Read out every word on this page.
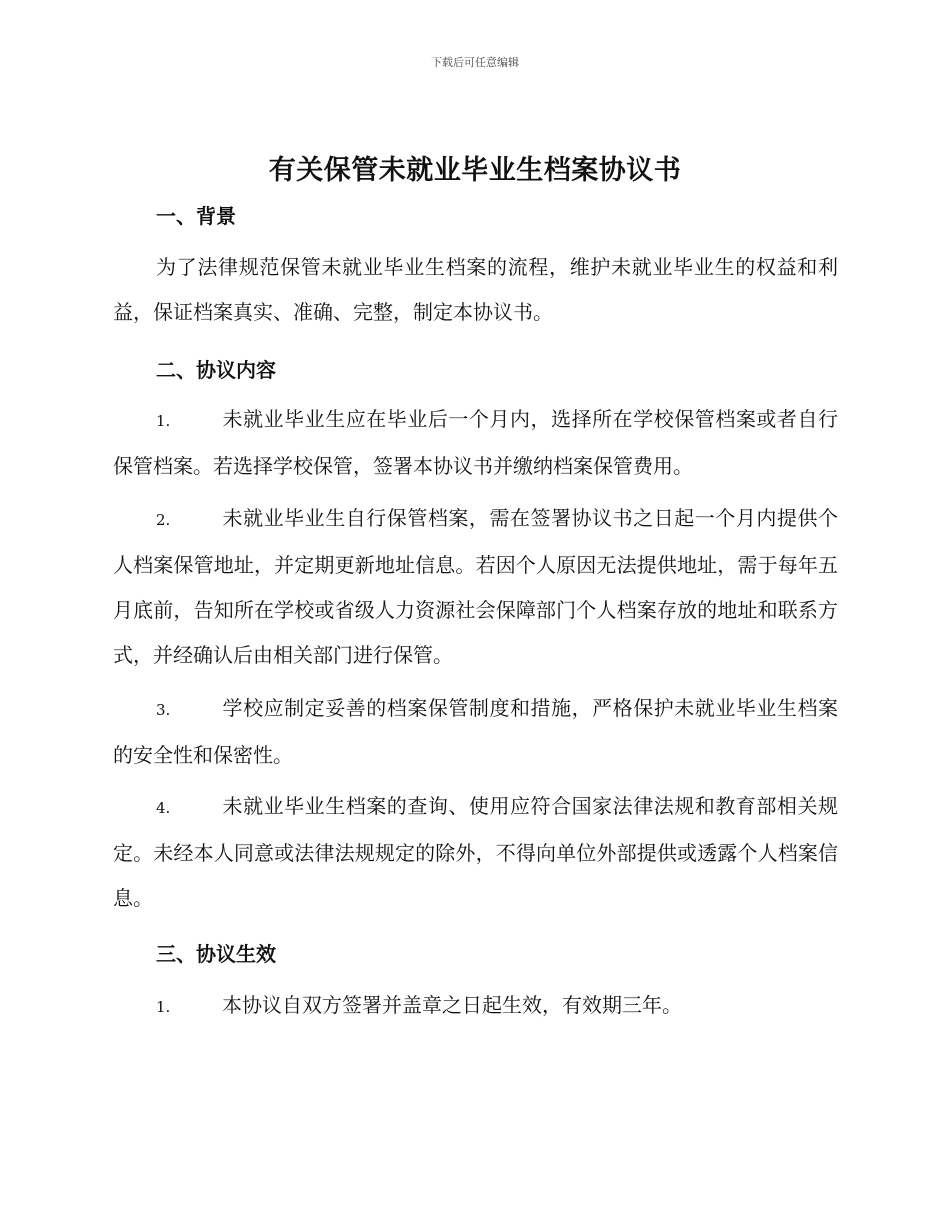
下载后可任意编辑
有关保管未就业毕业生档案协议书
一、背景
为了法律规范保管未就业毕业生档案的流程，维护未就业毕业生的权益和利益，保证档案真实、准确、完整，制定本协议书。
二、协议内容
1.	未就业毕业生应在毕业后一个月内，选择所在学校保管档案或者自行保管档案。若选择学校保管，签署本协议书并缴纳档案保管费用。
2.	未就业毕业生自行保管档案，需在签署协议书之日起一个月内提供个人档案保管地址，并定期更新地址信息。若因个人原因无法提供地址，需于每年五月底前，告知所在学校或省级人力资源社会保障部门个人档案存放的地址和联系方式，并经确认后由相关部门进行保管。
3.	学校应制定妥善的档案保管制度和措施，严格保护未就业毕业生档案的安全性和保密性。
4.	未就业毕业生档案的查询、使用应符合国家法律法规和教育部相关规定。未经本人同意或法律法规规定的除外，不得向单位外部提供或透露个人档案信息。
三、协议生效
1.	本协议自双方签署并盖章之日起生效，有效期三年。
